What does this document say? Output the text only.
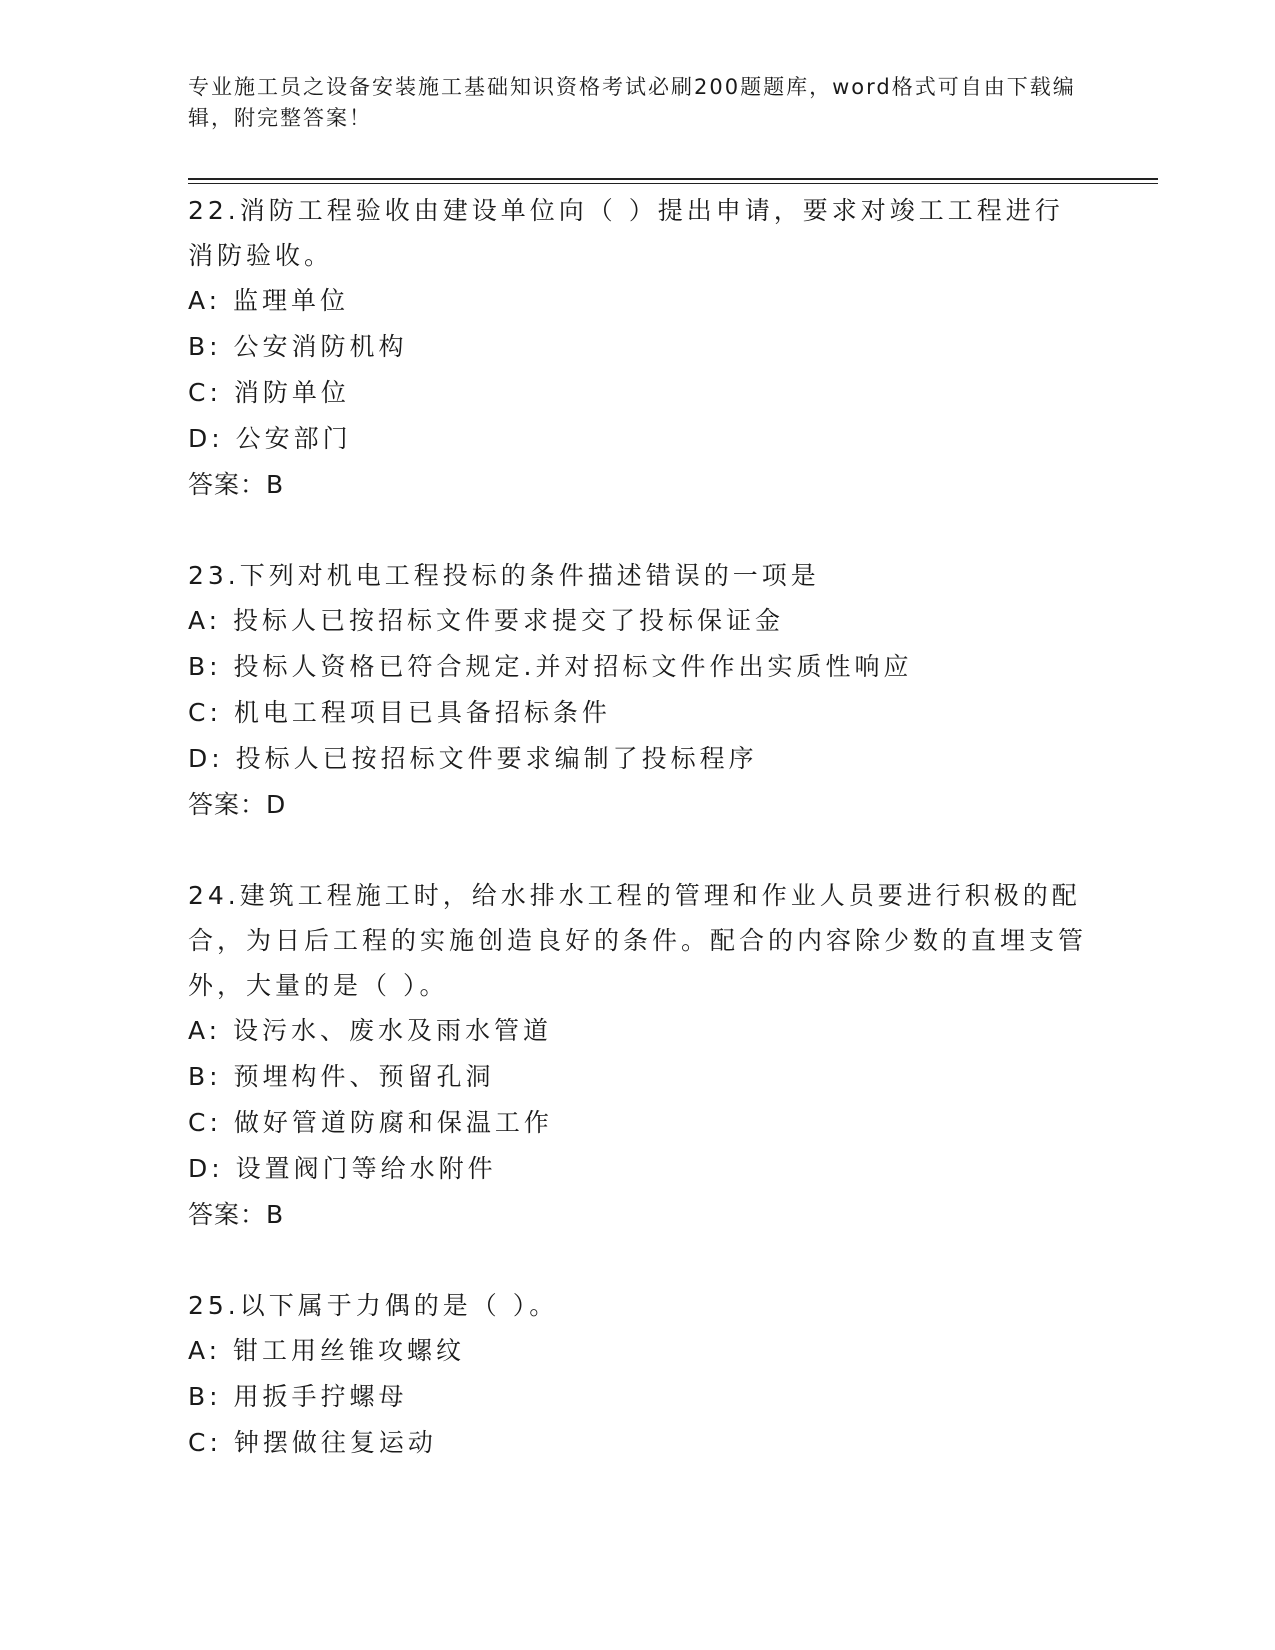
专业施工员之设备安装施工基础知识资格考试必刷200题题库，word格式可自由下载编辑，附完整答案！
22.消防工程验收由建设单位向（ ）提出申请，要求对竣工工程进行消防验收。
A: 监理单位
B: 公安消防机构
C: 消防单位
D: 公安部门
答案：B
23.下列对机电工程投标的条件描述错误的一项是
A: 投标人已按招标文件要求提交了投标保证金
B: 投标人资格已符合规定.并对招标文件作出实质性响应
C: 机电工程项目已具备招标条件
D: 投标人已按招标文件要求编制了投标程序
答案：D
24.建筑工程施工时，给水排水工程的管理和作业人员要进行积极的配合，为日后工程的实施创造良好的条件。配合的内容除少数的直埋支管外，大量的是（ ）。
A: 设污水、废水及雨水管道
B: 预埋构件、预留孔洞
C: 做好管道防腐和保温工作
D: 设置阀门等给水附件
答案：B
25.以下属于力偶的是（ ）。
A: 钳工用丝锥攻螺纹
B: 用扳手拧螺母
C: 钟摆做往复运动
